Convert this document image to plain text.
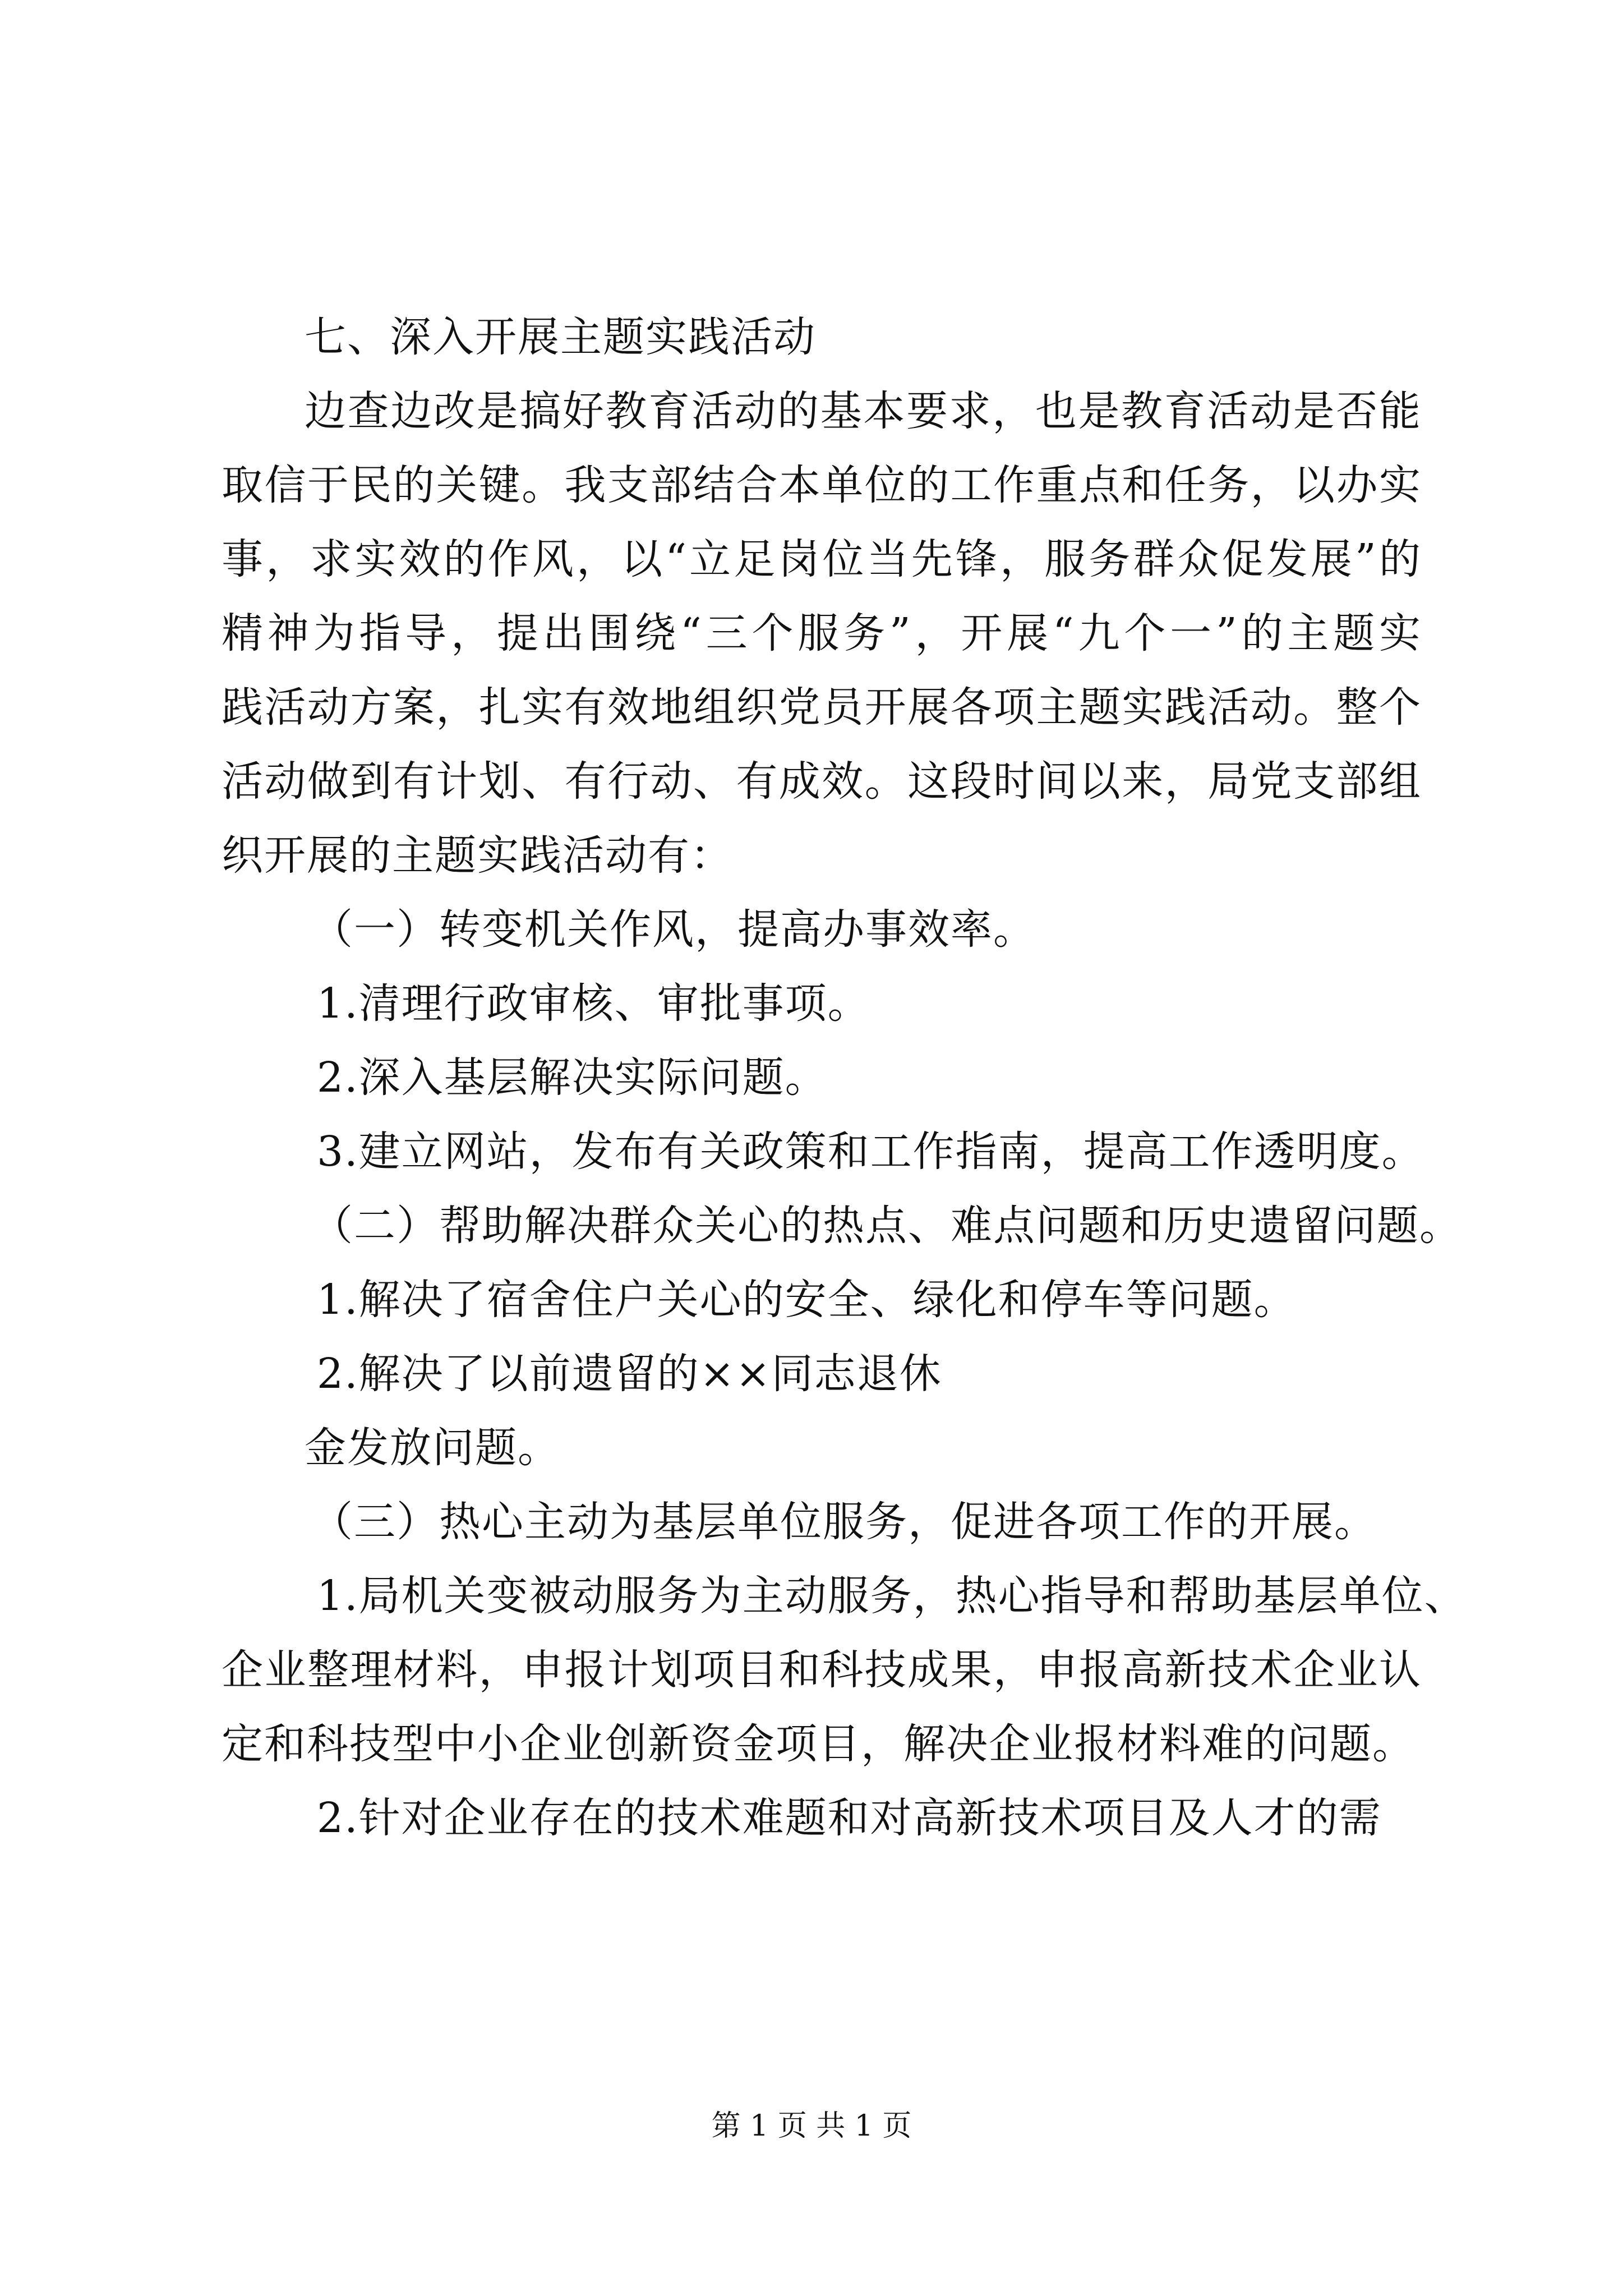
七、深入开展主题实践活动
边查边改是搞好教育活动的基本要求，也是教育活动是否能
取信于民的关键。我支部结合本单位的工作重点和任务，以办实
事，求实效的作风，以“立足岗位当先锋，服务群众促发展”的
精神为指导，提出围绕“三个服务”，开展“九个一”的主题实
践活动方案，扎实有效地组织党员开展各项主题实践活动。整个
活动做到有计划、有行动、有成效。这段时间以来，局党支部组
织开展的主题实践活动有：
（一）转变机关作风，提高办事效率。
1.清理行政审核、审批事项。
2.深入基层解决实际问题。
3.建立网站，发布有关政策和工作指南，提高工作透明度。
（二）帮助解决群众关心的热点、难点问题和历史遗留问题。
1.解决了宿舍住户关心的安全、绿化和停车等问题。
2.解决了以前遗留的××同志退休
金发放问题。
（三）热心主动为基层单位服务，促进各项工作的开展。
1.局机关变被动服务为主动服务，热心指导和帮助基层单位、
企业整理材料，申报计划项目和科技成果，申报高新技术企业认
定和科技型中小企业创新资金项目，解决企业报材料难的问题。
2.针对企业存在的技术难题和对高新技术项目及人才的需
第 1 页 共 1 页
